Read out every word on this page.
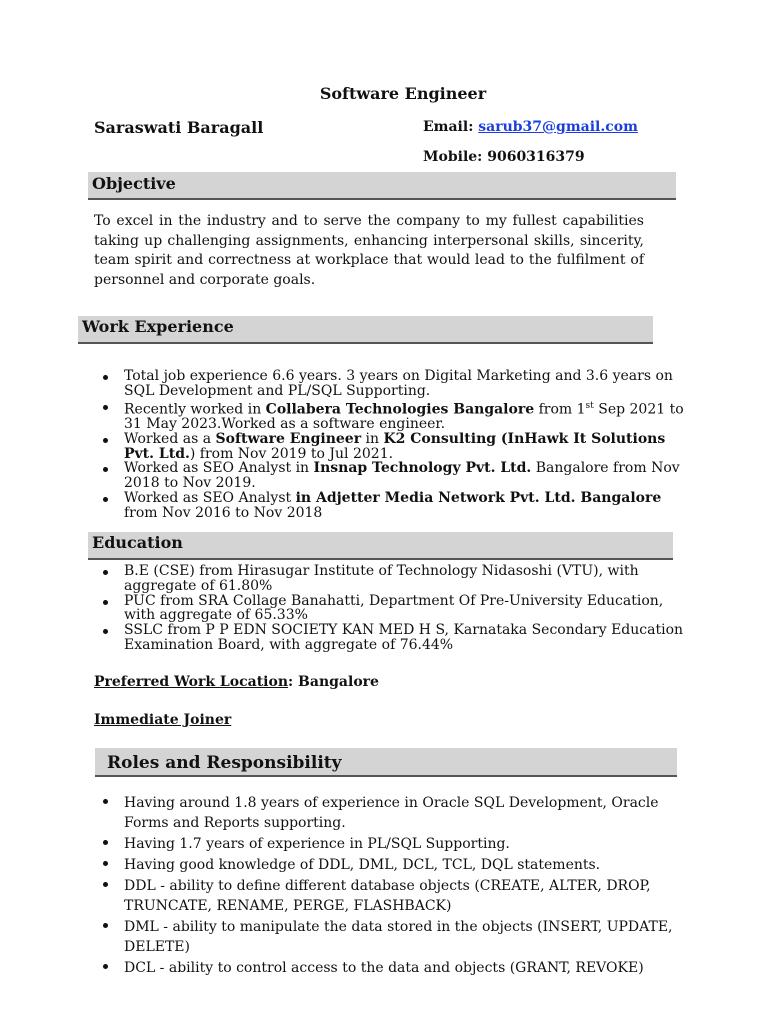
Software Engineer
Saraswati Baragall	Email: sarub37@gmail.com
Mobile: 9060316379
Objective
To excel in the industry and to serve the company to my fullest capabilities taking up challenging assignments, enhancing interpersonal skills, sincerity, team spirit and correctness at workplace that would lead to the fulfilment of personnel and corporate goals.
Work Experience
Total job experience 6.6 years. 3 years on Digital Marketing and 3.6 years on SQL Development and PL/SQL Supporting.
Recently worked in Collabera Technologies Bangalore from 1st Sep 2021 to 31 May 2023.Worked as a software engineer.
Worked as a Software Engineer in K2 Consulting (InHawk It Solutions Pvt. Ltd.) from Nov 2019 to Jul 2021.
Worked as SEO Analyst in Insnap Technology Pvt. Ltd. Bangalore from Nov 2018 to Nov 2019.
Worked as SEO Analyst in Adjetter Media Network Pvt. Ltd. Bangalore from Nov 2016 to Nov 2018
Education
B.E (CSE) from Hirasugar Institute of Technology Nidasoshi (VTU), with aggregate of 61.80%
PUC from SRA Collage Banahatti, Department Of Pre-University Education, with aggregate of 65.33%
SSLC from P P EDN SOCIETY KAN MED H S, Karnataka Secondary Education Examination Board, with aggregate of 76.44%
Preferred Work Location: Bangalore
Immediate Joiner
Roles and Responsibility
Having around 1.8 years of experience in Oracle SQL Development, Oracle Forms and Reports supporting.
Having 1.7 years of experience in PL/SQL Supporting.
Having good knowledge of DDL, DML, DCL, TCL, DQL statements.
DDL - ability to define different database objects (CREATE, ALTER, DROP, TRUNCATE, RENAME, PERGE, FLASHBACK)
DML - ability to manipulate the data stored in the objects (INSERT, UPDATE, DELETE)
DCL - ability to control access to the data and objects (GRANT, REVOKE)
